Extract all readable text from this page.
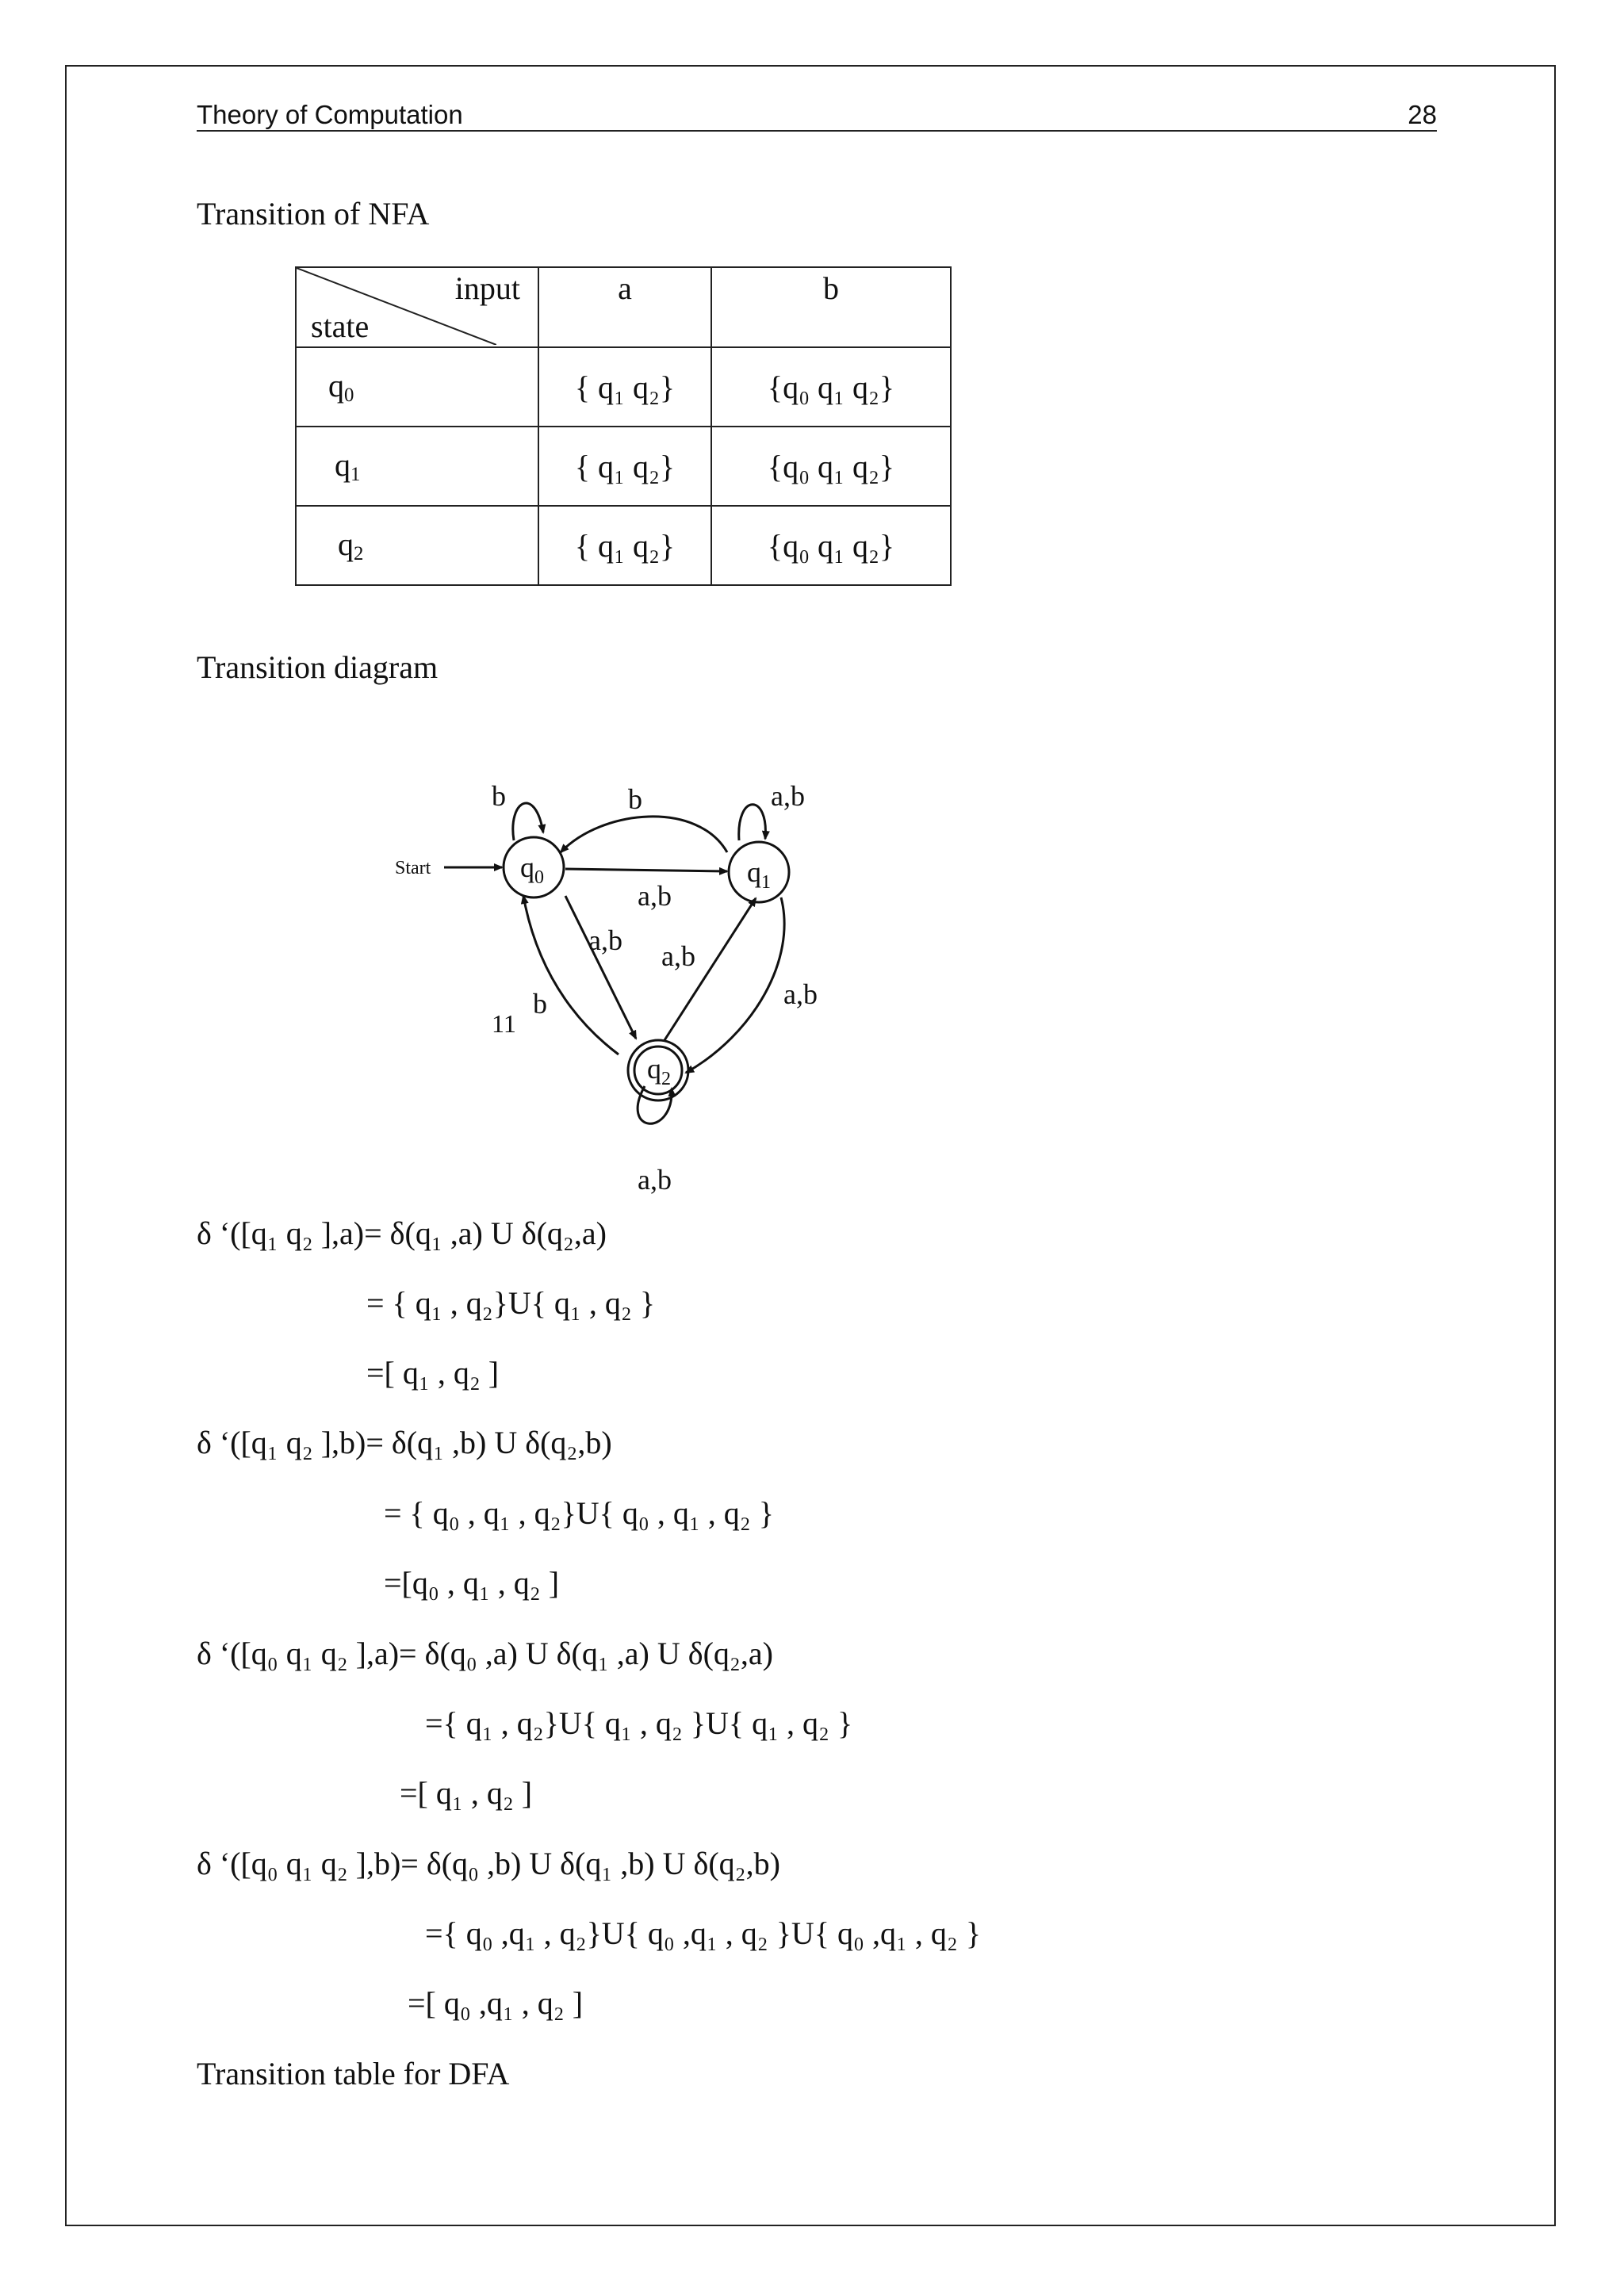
Theory of Computation	28
Transition of NFA
input
state	a	b
$q_0$	{ q₁ q₂}	{q₀ q₁ q₂}
$q_1$	{ q₁ q₂}	{q₀ q₁ q₂}
$q_2$	{ q₁ q₂}	{q₀ q₁ q₂}
Transition diagram
Start	$q_0$	$q_1$
$q_2$
b	b	a,b
a,b
a,b a,b
a,b
b
11
a,b
δ ‘([q₁ q₂ ],a)= δ(q₁ ,a) U δ(q₂,a)
= { q₁ , q₂}U{ q₁ , q₂ }
=[ q₁ , q₂ ]
δ ‘([q₁ q₂ ],b)= δ(q₁ ,b) U δ(q₂,b)
= { q₀ , q₁ , q₂}U{ q₀ , q₁ , q₂ }
=[q₀ , q₁ , q₂ ]
δ ‘([q₀ q₁ q₂ ],a)= δ(q₀ ,a) U δ(q₁ ,a) U δ(q₂,a)
={ q₁ , q₂}U{ q₁ , q₂ }U{ q₁ , q₂ }
=[ q₁ , q₂ ]
δ ‘([q₀ q₁ q₂ ],b)= δ(q₀ ,b) U δ(q₁ ,b) U δ(q₂,b)
={ q₀ ,q₁ , q₂}U{ q₀ ,q₁ , q₂ }U{ q₀ ,q₁ , q₂ }
=[ q₀ ,q₁ , q₂ ]
Transition table for DFA
